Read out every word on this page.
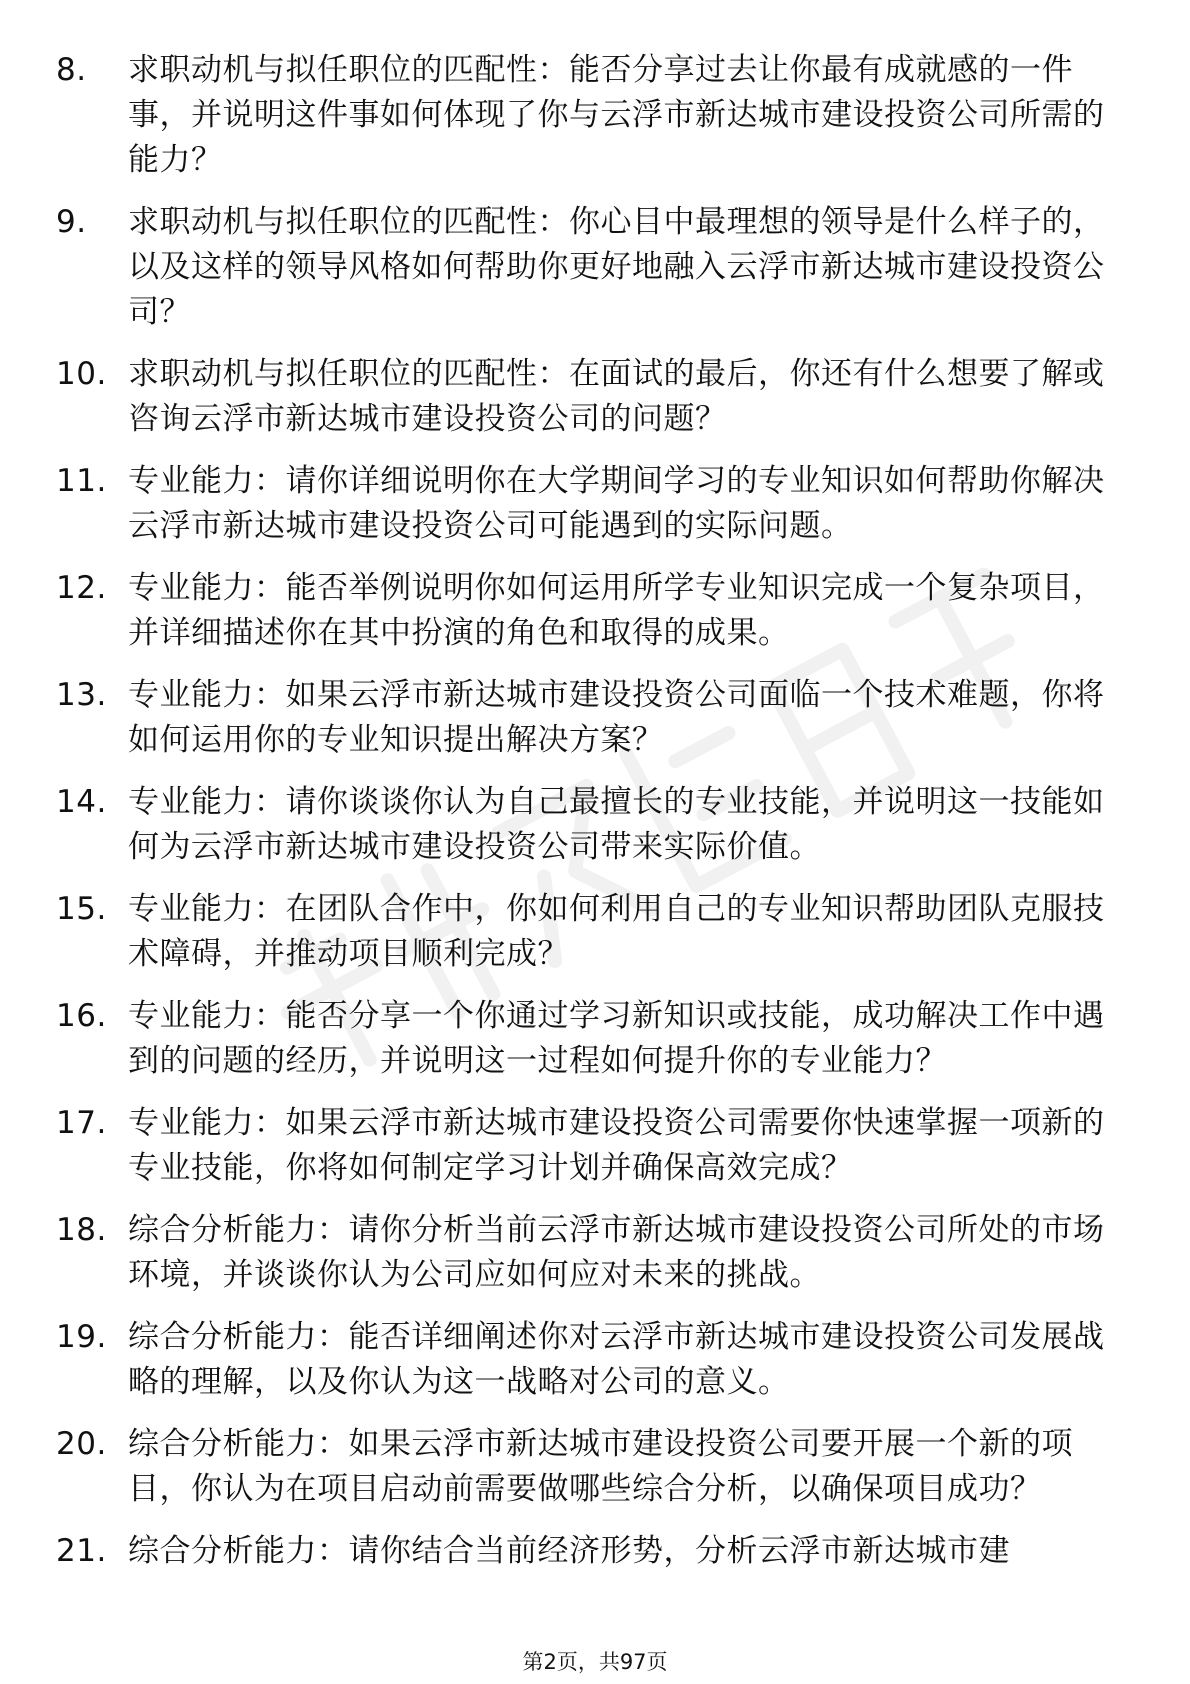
8.	求职动机与拟任职位的匹配性：能否分享过去让你最有成就感的一件事，并说明这件事如何体现了你与云浮市新达城市建设投资公司所需的能力？
9.	求职动机与拟任职位的匹配性：你心目中最理想的领导是什么样子的，以及这样的领导风格如何帮助你更好地融入云浮市新达城市建设投资公司？
10. 求职动机与拟任职位的匹配性：在面试的最后，你还有什么想要了解或咨询云浮市新达城市建设投资公司的问题？
11. 专业能力：请你详细说明你在大学期间学习的专业知识如何帮助你解决云浮市新达城市建设投资公司可能遇到的实际问题。
12. 专业能力：能否举例说明你如何运用所学专业知识完成一个复杂项目，并详细描述你在其中扮演的角色和取得的成果。
13. 专业能力：如果云浮市新达城市建设投资公司面临一个技术难题，你将如何运用你的专业知识提出解决方案？
14. 专业能力：请你谈谈你认为自己最擅长的专业技能，并说明这一技能如何为云浮市新达城市建设投资公司带来实际价值。
15. 专业能力：在团队合作中，你如何利用自己的专业知识帮助团队克服技术障碍，并推动项目顺利完成？
16. 专业能力：能否分享一个你通过学习新知识或技能，成功解决工作中遇到的问题的经历，并说明这一过程如何提升你的专业能力？
17. 专业能力：如果云浮市新达城市建设投资公司需要你快速掌握一项新的专业技能，你将如何制定学习计划并确保高效完成？
18. 综合分析能力：请你分析当前云浮市新达城市建设投资公司所处的市场环境，并谈谈你认为公司应如何应对未来的挑战。
19. 综合分析能力：能否详细阐述你对云浮市新达城市建设投资公司发展战略的理解，以及你认为这一战略对公司的意义。
20. 综合分析能力：如果云浮市新达城市建设投资公司要开展一个新的项目，你认为在项目启动前需要做哪些综合分析，以确保项目成功？
21. 综合分析能力：请你结合当前经济形势，分析云浮市新达城市建
第2页，共97页
